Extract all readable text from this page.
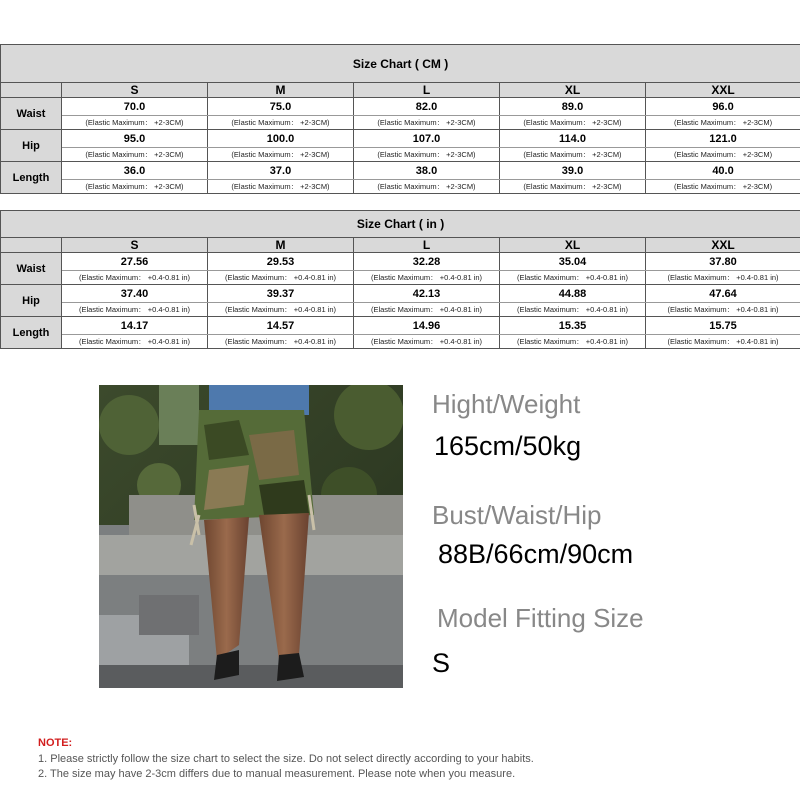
Size Chart ( CM )					
	S	M	L	XL	XXL
Waist	70.0	75.0	82.0	89.0	96.0
	(Elastic Maximum： +2-3CM)	(Elastic Maximum： +2-3CM)	(Elastic Maximum： +2-3CM)	(Elastic Maximum： +2-3CM)	(Elastic Maximum： +2-3CM)
Hip	95.0	100.0	107.0	114.0	121.0
	(Elastic Maximum： +2-3CM)	(Elastic Maximum： +2-3CM)	(Elastic Maximum： +2-3CM)	(Elastic Maximum： +2-3CM)	(Elastic Maximum： +2-3CM)
Length	36.0	37.0	38.0	39.0	40.0
	(Elastic Maximum： +2-3CM)	(Elastic Maximum： +2-3CM)	(Elastic Maximum： +2-3CM)	(Elastic Maximum： +2-3CM)	(Elastic Maximum： +2-3CM)
Size Chart ( in )					
	S	M	L	XL	XXL
Waist	27.56	29.53	32.28	35.04	37.80
	(Elastic Maximum： +0.4-0.81 in)	(Elastic Maximum： +0.4-0.81 in)	(Elastic Maximum： +0.4-0.81 in)	(Elastic Maximum： +0.4-0.81 in)	(Elastic Maximum： +0.4-0.81 in)
Hip	37.40	39.37	42.13	44.88	47.64
	(Elastic Maximum： +0.4-0.81 in)	(Elastic Maximum： +0.4-0.81 in)	(Elastic Maximum： +0.4-0.81 in)	(Elastic Maximum： +0.4-0.81 in)	(Elastic Maximum： +0.4-0.81 in)
Length	14.17	14.57	14.96	15.35	15.75
	(Elastic Maximum： +0.4-0.81 in)	(Elastic Maximum： +0.4-0.81 in)	(Elastic Maximum： +0.4-0.81 in)	(Elastic Maximum： +0.4-0.81 in)	(Elastic Maximum： +0.4-0.81 in)
Hight/Weight
165cm/50kg
Bust/Waist/Hip
88B/66cm/90cm
Model Fitting Size
S
NOTE:
1. Please strictly follow the size chart to select the size. Do not select directly according to your habits.
2. The size may have 2-3cm differs due to manual measurement. Please note when you measure.
